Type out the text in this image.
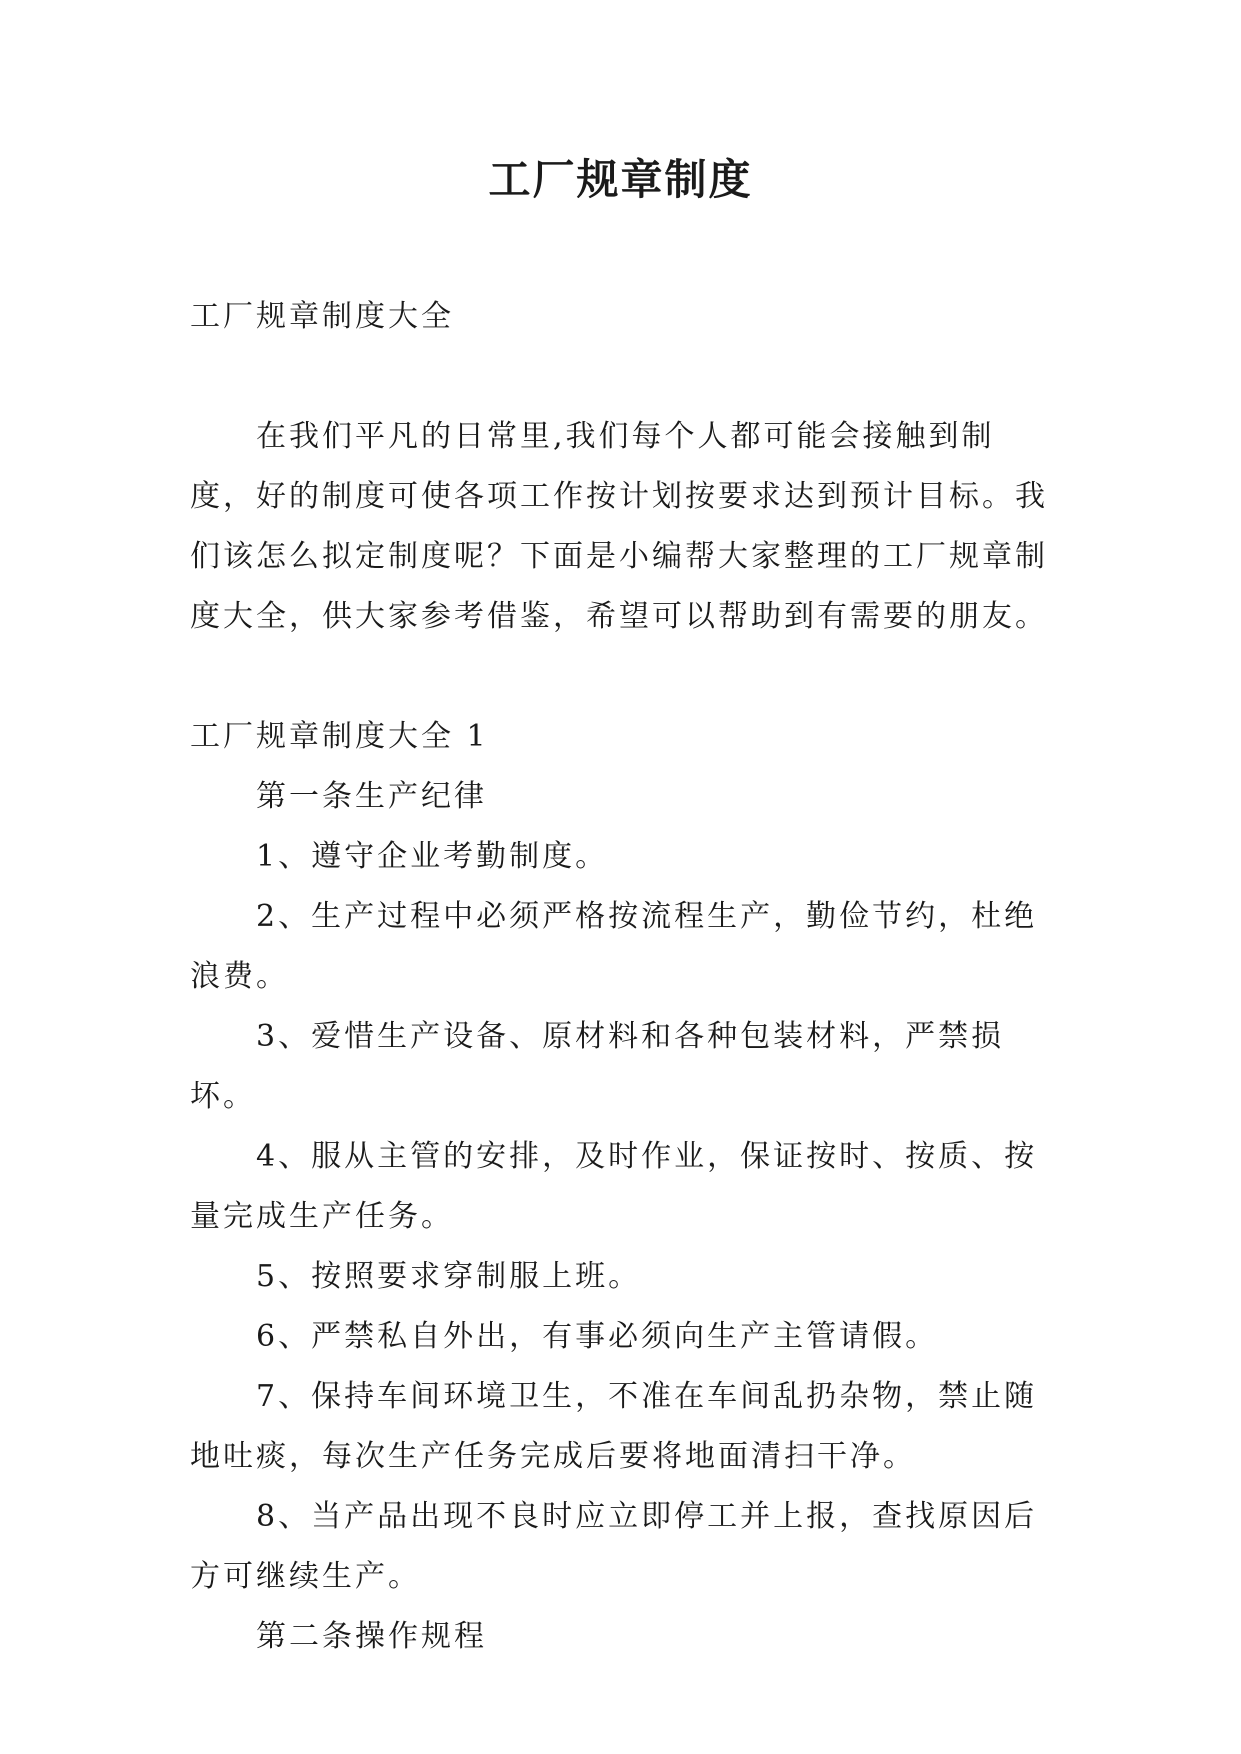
工厂规章制度

工厂规章制度大全

在我们平凡的日常里,我们每个人都可能会接触到制度，好的制度可使各项工作按计划按要求达到预计目标。我们该怎么拟定制度呢？下面是小编帮大家整理的工厂规章制度大全，供大家参考借鉴，希望可以帮助到有需要的朋友。

工厂规章制度大全 1

第一条生产纪律

1、遵守企业考勤制度。

2、生产过程中必须严格按流程生产，勤俭节约，杜绝浪费。

3、爱惜生产设备、原材料和各种包装材料，严禁损坏。

4、服从主管的安排，及时作业，保证按时、按质、按量完成生产任务。

5、按照要求穿制服上班。

6、严禁私自外出，有事必须向生产主管请假。

7、保持车间环境卫生，不准在车间乱扔杂物，禁止随地吐痰，每次生产任务完成后要将地面清扫干净。

8、当产品出现不良时应立即停工并上报，查找原因后方可继续生产。

第二条操作规程
